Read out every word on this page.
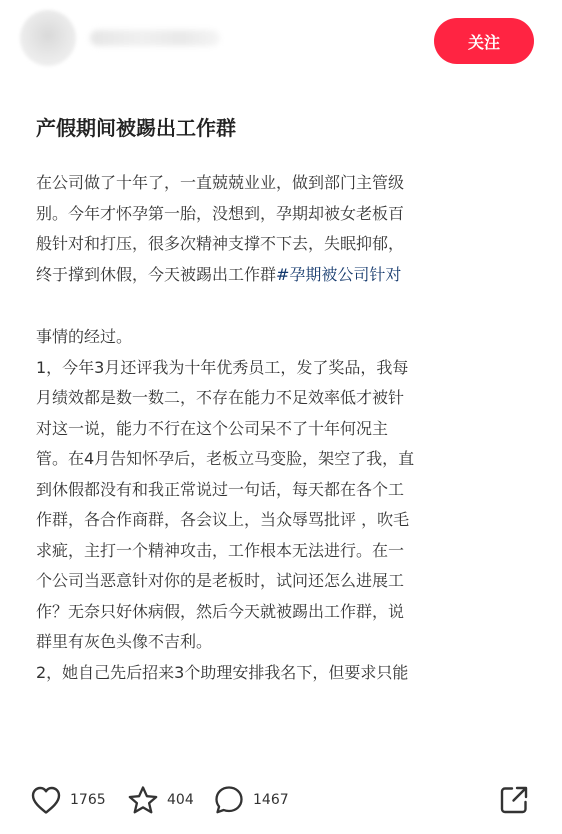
关注
产假期间被踢出工作群

在公司做了十年了，一直兢兢业业，做到部门主管级

别。今年才怀孕第一胎，没想到，孕期却被女老板百

般针对和打压，很多次精神支撑不下去，失眠抑郁，

终于撑到休假，今天被踢出工作群#孕期被公司针对

事情的经过。

1，今年3月还评我为十年优秀员工，发了奖品，我每

月绩效都是数一数二，不存在能力不足效率低才被针

对这一说，能力不行在这个公司呆不了十年何况主

管。在4月告知怀孕后，老板立马变脸，架空了我，直

到休假都没有和我正常说过一句话，每天都在各个工

作群，各合作商群，各会议上，当众辱骂批评 ，吹毛

求疵，主打一个精神攻击，工作根本无法进行。在一

个公司当恶意针对你的是老板时，试问还怎么进展工

作？无奈只好休病假，然后今天就被踢出工作群，说

群里有灰色头像不吉利。

2，她自己先后招来3个助理安排我名下，但要求只能

1765	404	1467
